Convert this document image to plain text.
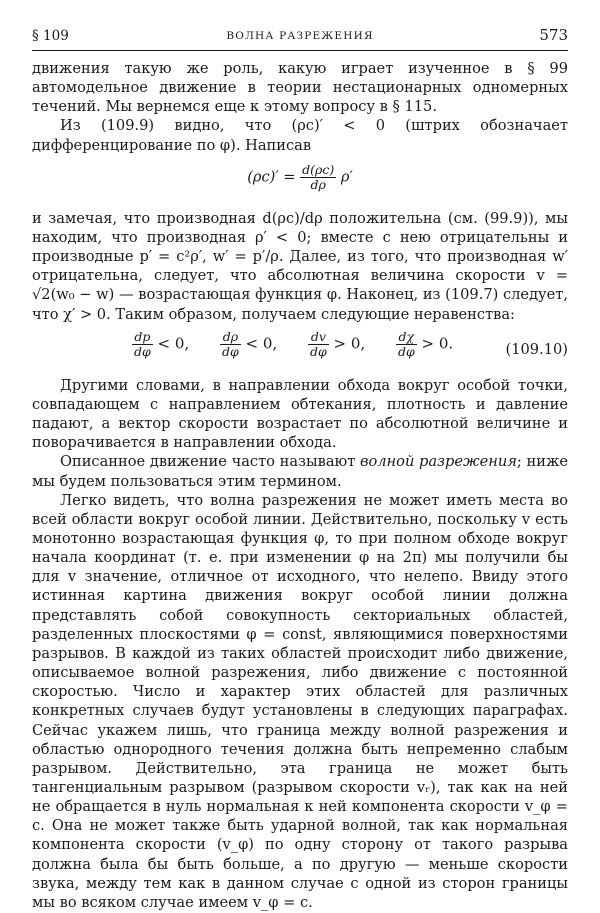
§ 109	ВОЛНА РАЗРЕЖЕНИЯ	573

движения такую же роль, какую играет изученное в § 99 автомодельное движение в теории нестационарных одномерных течений. Мы вернемся еще к этому вопросу в § 115.

Из (109.9) видно, что (ρc)′ < 0 (штрих обозначает дифференцирование по φ). Написав

$(\rho c)' = \frac{d(\rho c)}{d\rho} \rho'$

и замечая, что производная d(ρc)/dρ положительна (см. (99.9)), мы находим, что производная ρ′ < 0; вместе с нею отрицательны и производные p′ = c²ρ′, w′ = p′/ρ. Далее, из того, что производная w′ отрицательна, следует, что абсолютная величина скорости v = √2(w₀ − w) — возрастающая функция φ. Наконец, из (109.7) следует, что χ′ > 0. Таким образом, получаем следующие неравенства:

$\frac{dp}{d\varphi} < 0$, $\frac{d\rho}{d\varphi} < 0$, $\frac{dv}{d\varphi} > 0$, $\frac{d\chi}{d\varphi} > 0$.	(109.10)

Другими словами, в направлении обхода вокруг особой точки, совпадающем с направлением обтекания, плотность и давление падают, а вектор скорости возрастает по абсолютной величине и поворачивается в направлении обхода.

Описанное движение часто называют волной разрежения; ниже мы будем пользоваться этим термином.

Легко видеть, что волна разрежения не может иметь места во всей области вокруг особой линии. Действительно, поскольку v есть монотонно возрастающая функция φ, то при полном обходе вокруг начала координат (т. е. при изменении φ на 2π) мы получили бы для v значение, отличное от исходного, что нелепо. Ввиду этого истинная картина движения вокруг особой линии должна представлять собой совокупность секториальных областей, разделенных плоскостями φ = const, являющимися поверхностями разрывов. В каждой из таких областей происходит либо движение, описываемое волной разрежения, либо движение с постоянной скоростью. Число и характер этих областей для различных конкретных случаев будут установлены в следующих параграфах. Сейчас укажем лишь, что граница между волной разрежения и областью однородного течения должна быть непременно слабым разрывом. Действительно, эта граница не может быть тангенциальным разрывом (разрывом скорости vᵣ), так как на ней не обращается в нуль нормальная к ней компонента скорости v_φ = c. Она не может также быть ударной волной, так как нормальная компонента скорости (v_φ) по одну сторону от такого разрыва должна была бы быть больше, а по другую — меньше скорости звука, между тем как в данном случае с одной из сторон границы мы во всяком случае имеем v_φ = c.
